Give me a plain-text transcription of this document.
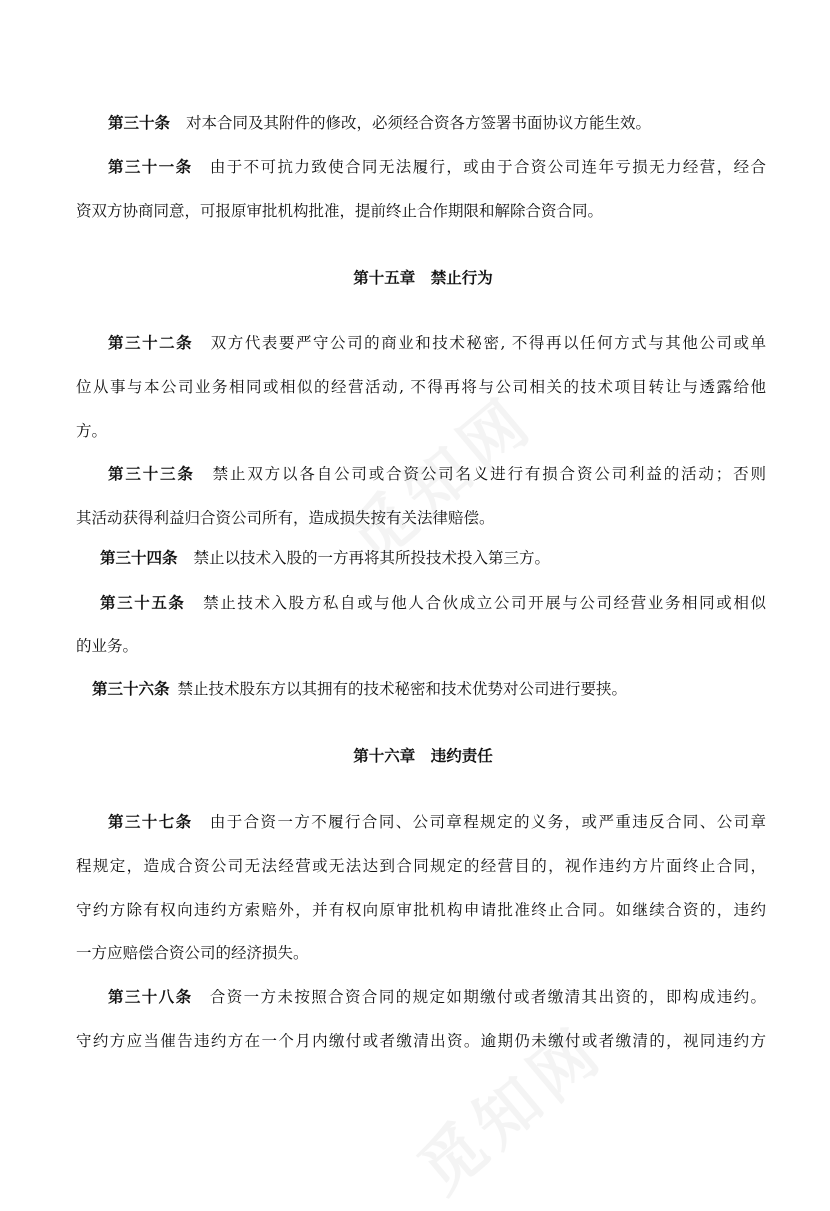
第三十条 对本合同及其附件的修改，必须经合资各方签署书面协议方能生效。
第三十一条 由于不可抗力致使合同无法履行，或由于合资公司连年亏损无力经营，经合
资双方协商同意，可报原审批机构批准，提前终止合作期限和解除合资合同。
第十五章　禁止行为
第三十二条 双方代表要严守公司的商业和技术秘密, 不得再以任何方式与其他公司或单
位从事与本公司业务相同或相似的经营活动, 不得再将与公司相关的技术项目转让与透露给他
方。
第三十三条 禁止双方以各自公司或合资公司名义进行有损合资公司利益的活动；否则
其活动获得利益归合资公司所有，造成损失按有关法律赔偿。
第三十四条 禁止以技术入股的一方再将其所投技术投入第三方。
第三十五条 禁止技术入股方私自或与他人合伙成立公司开展与公司经营业务相同或相似
的业务。
第三十六条 禁止技术股东方以其拥有的技术秘密和技术优势对公司进行要挟。
第十六章　违约责任
第三十七条 由于合资一方不履行合同、公司章程规定的义务，或严重违反合同、公司章
程规定，造成合资公司无法经营或无法达到合同规定的经营目的，视作违约方片面终止合同，
守约方除有权向违约方索赔外，并有权向原审批机构申请批准终止合同。如继续合资的，违约
一方应赔偿合资公司的经济损失。
第三十八条 合资一方未按照合资合同的规定如期缴付或者缴清其出资的，即构成违约。
守约方应当催告违约方在一个月内缴付或者缴清出资。逾期仍未缴付或者缴清的，视同违约方
